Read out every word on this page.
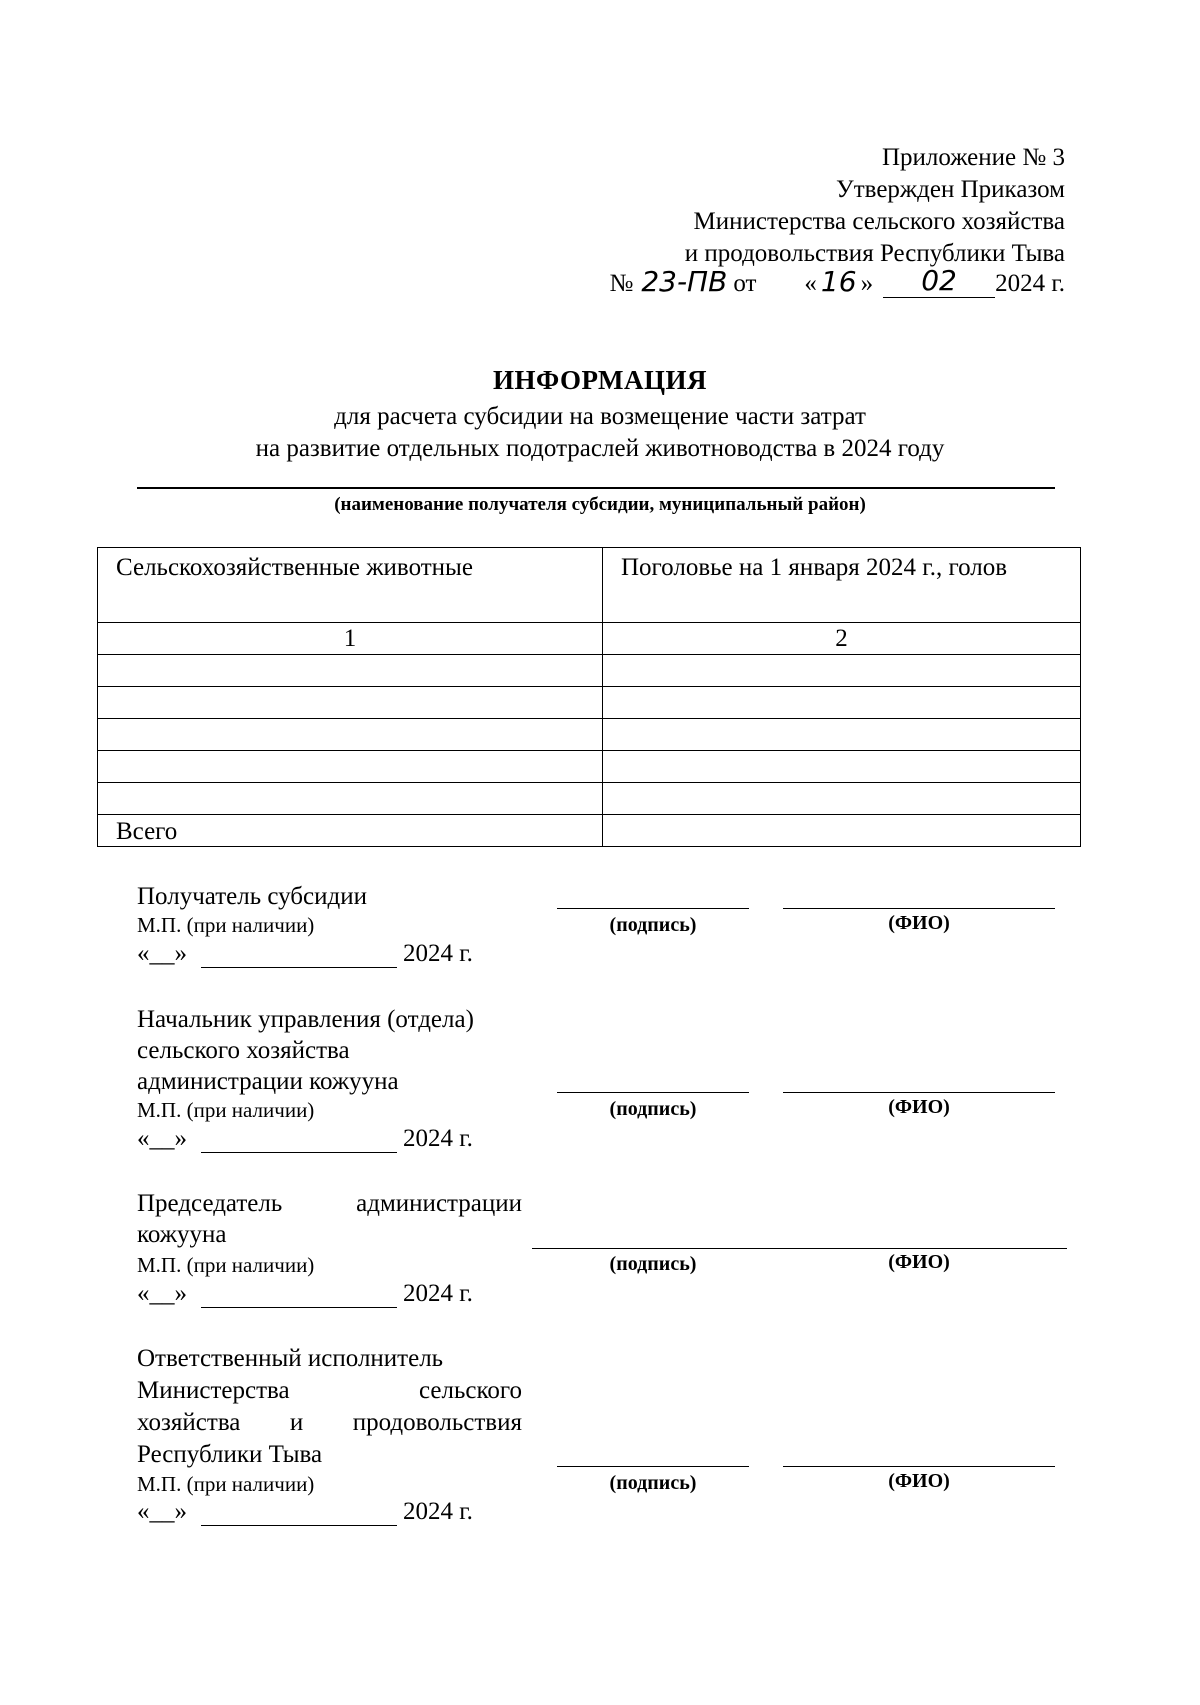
Приложение № 3
Утвержден Приказом
Министерства сельского хозяйства
и продовольствия Республики Тыва
№ 23-ПВ от « 16 »	02	2024 г.
ИНФОРМАЦИЯ
для расчета субсидии на возмещение части затрат
на развитие отдельных подотраслей животноводства в 2024 году
(наименование получателя субсидии, муниципальный район)
Сельскохозяйственные животные	Поголовье на 1 января 2024 г., голов
1	2

Всего	
Получатель субсидии
М.П. (при наличии)
«__»	2024 г.
(подпись)	(ФИО)
Начальник управления (отдела)
сельского хозяйства
администрации кожууна
М.П. (при наличии)
«__»	2024 г.
(подпись)	(ФИО)
Председатель администрации
кожууна
М.П. (при наличии)
«__»	2024 г.
(подпись)	(ФИО)
Ответственный исполнитель
Министерства сельского
хозяйства и продовольствия
Республики Тыва
М.П. (при наличии)
«__»	2024 г.
(подпись)	(ФИО)
